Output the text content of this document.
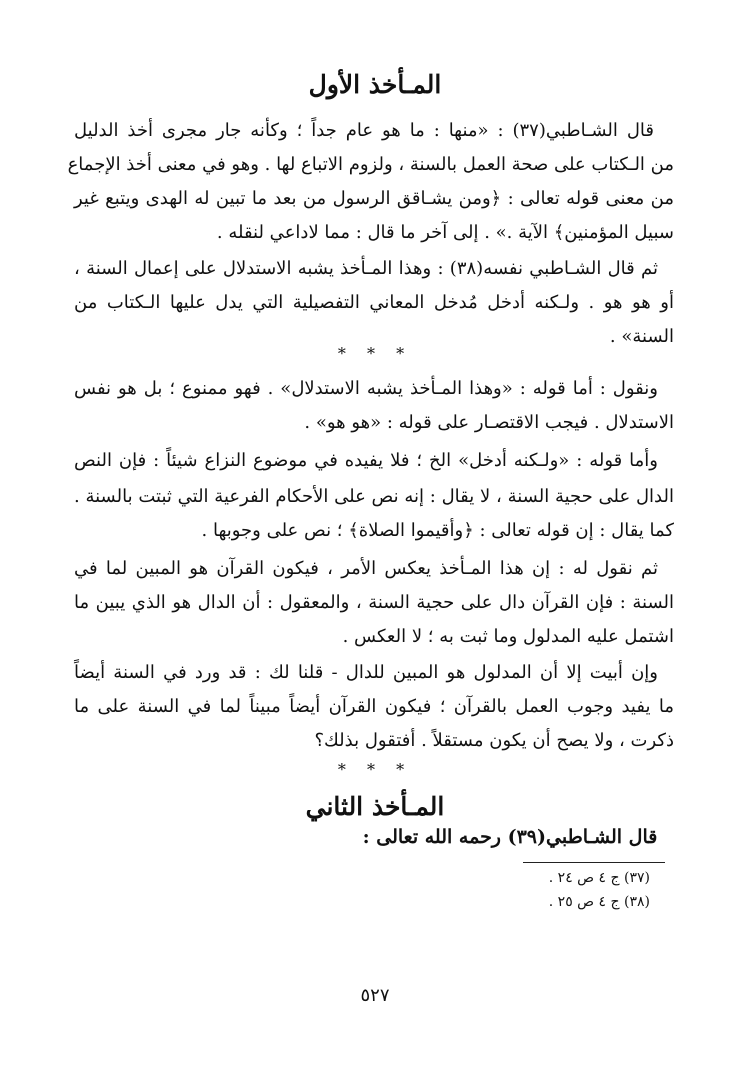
المـأخذ الأول
قال الشـاطبي(٣٧) : «منها : ما هو عام جداً ؛ وكأنه جار مجرى أخذ الدليل
من الـكتاب على صحة العمل بالسنة ، ولزوم الاتباع لها . وهو في معنى أخذ الإجماع
من معنى قوله تعالى : ﴿ومن يشـاقق الرسول من بعد ما تبين له الهدى ويتبع غير
سبيل المؤمنين﴾ الآية .» . إلى آخر ما قال : مما لاداعي لنقله .
ثم قال الشـاطبي نفسه(٣٨) : وهذا المـأخذ يشبه الاستدلال على إعمال السنة ،
أو هو هو . ولـكنه أدخل مُدخل المعاني التفصيلية التي يدل عليها الـكتاب من
السنة» .
* * *
ونقول : أما قوله : «وهذا المـأخذ يشبه الاستدلال» . فهو ممنوع ؛ بل هو نفس
الاستدلال . فيجب الاقتصـار على قوله : «هو هو» .
وأما قوله : «ولـكنه أدخل» الخ ؛ فلا يفيده في موضوع النزاع شيئاً : فإن النص
الدال على حجية السنة ، لا يقال : إنه نص على الأحكام الفرعية التي ثبتت بالسنة .
كما يقال : إن قوله تعالى : ﴿وأقيموا الصلاة﴾ ؛ نص على وجوبها .
ثم نقول له : إن هذا المـأخذ يعكس الأمر ، فيكون القرآن هو المبين لما في
السنة : فإن القرآن دال على حجية السنة ، والمعقول : أن الدال هو الذي يبين ما
اشتمل عليه المدلول وما ثبت به ؛ لا العكس .
وإن أبيت إلا أن المدلول هو المبين للدال - قلنا لك : قد ورد في السنة أيضاً
ما يفيد وجوب العمل بالقرآن ؛ فيكون القرآن أيضاً مبيناً لما في السنة على ما
ذكرت ، ولا يصح أن يكون مستقلاً . أفتقول بذلك؟
* * *
المـأخذ الثاني
قال الشـاطبي(٣٩) رحمه الله تعالى :
(٣٧) ج ٤ ص ٢٤ .
(٣٨) ج ٤ ص ٢٥ .
٥٢٧
